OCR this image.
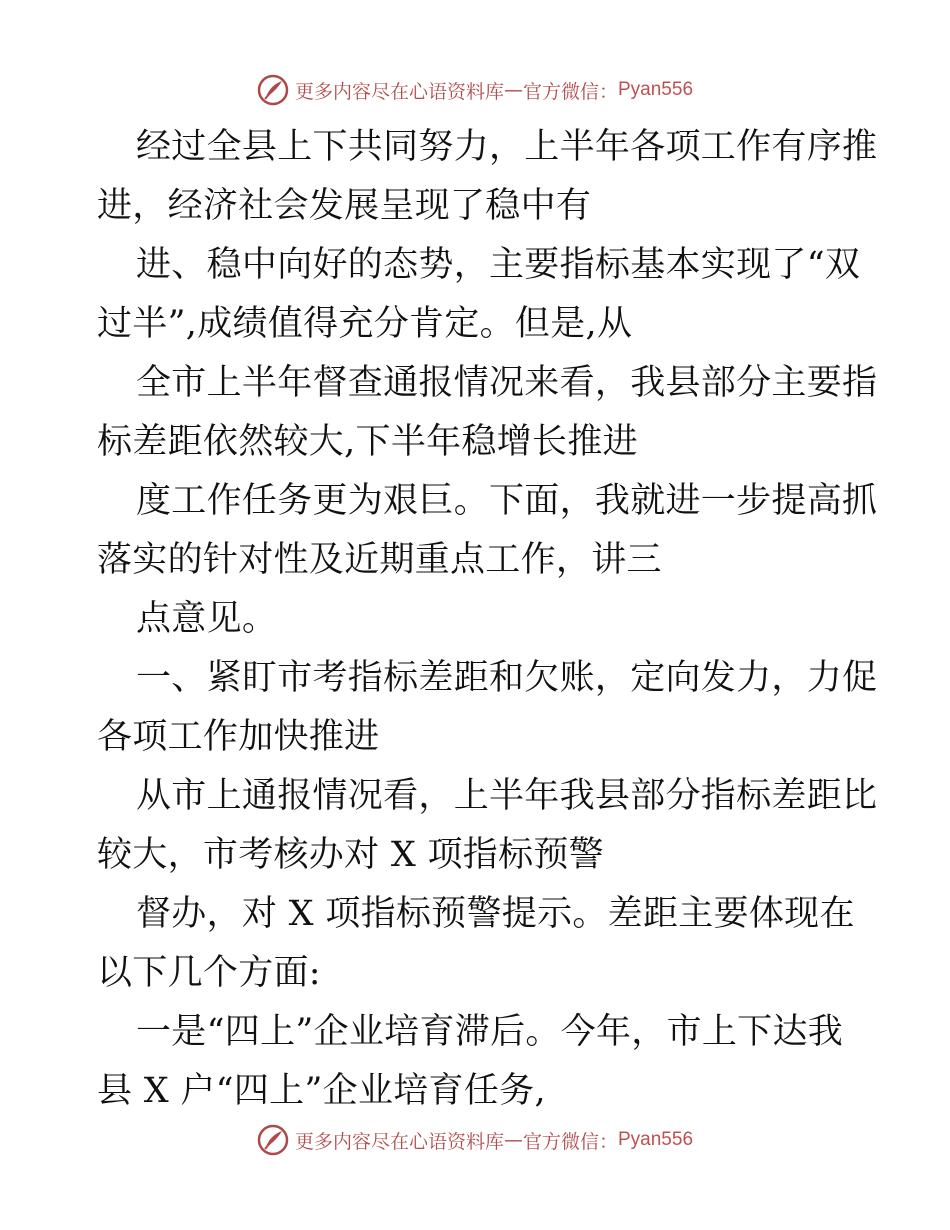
更多内容尽在心语资料库 — 官方微信： Pyan556
经过全县上下共同努力，上半年各项工作有序推
进，经济社会发展呈现了稳中有
进、稳中向好的态势，主要指标基本实现了“双
过半”,成绩值得充分肯定。但是,从
全市上半年督查通报情况来看，我县部分主要指
标差距依然较大,下半年稳增长推进
度工作任务更为艰巨。下面，我就进一步提高抓
落实的针对性及近期重点工作，讲三
点意见。
一、紧盯市考指标差距和欠账，定向发力，力促
各项工作加快推进
从市上通报情况看，上半年我县部分指标差距比
较大，市考核办对 X 项指标预警
督办，对 X 项指标预警提示。差距主要体现在
以下几个方面:
一是“四上”企业培育滞后。今年，市上下达我
县 X 户“四上”企业培育任务,
更多内容尽在心语资料库 — 官方微信： Pyan556
